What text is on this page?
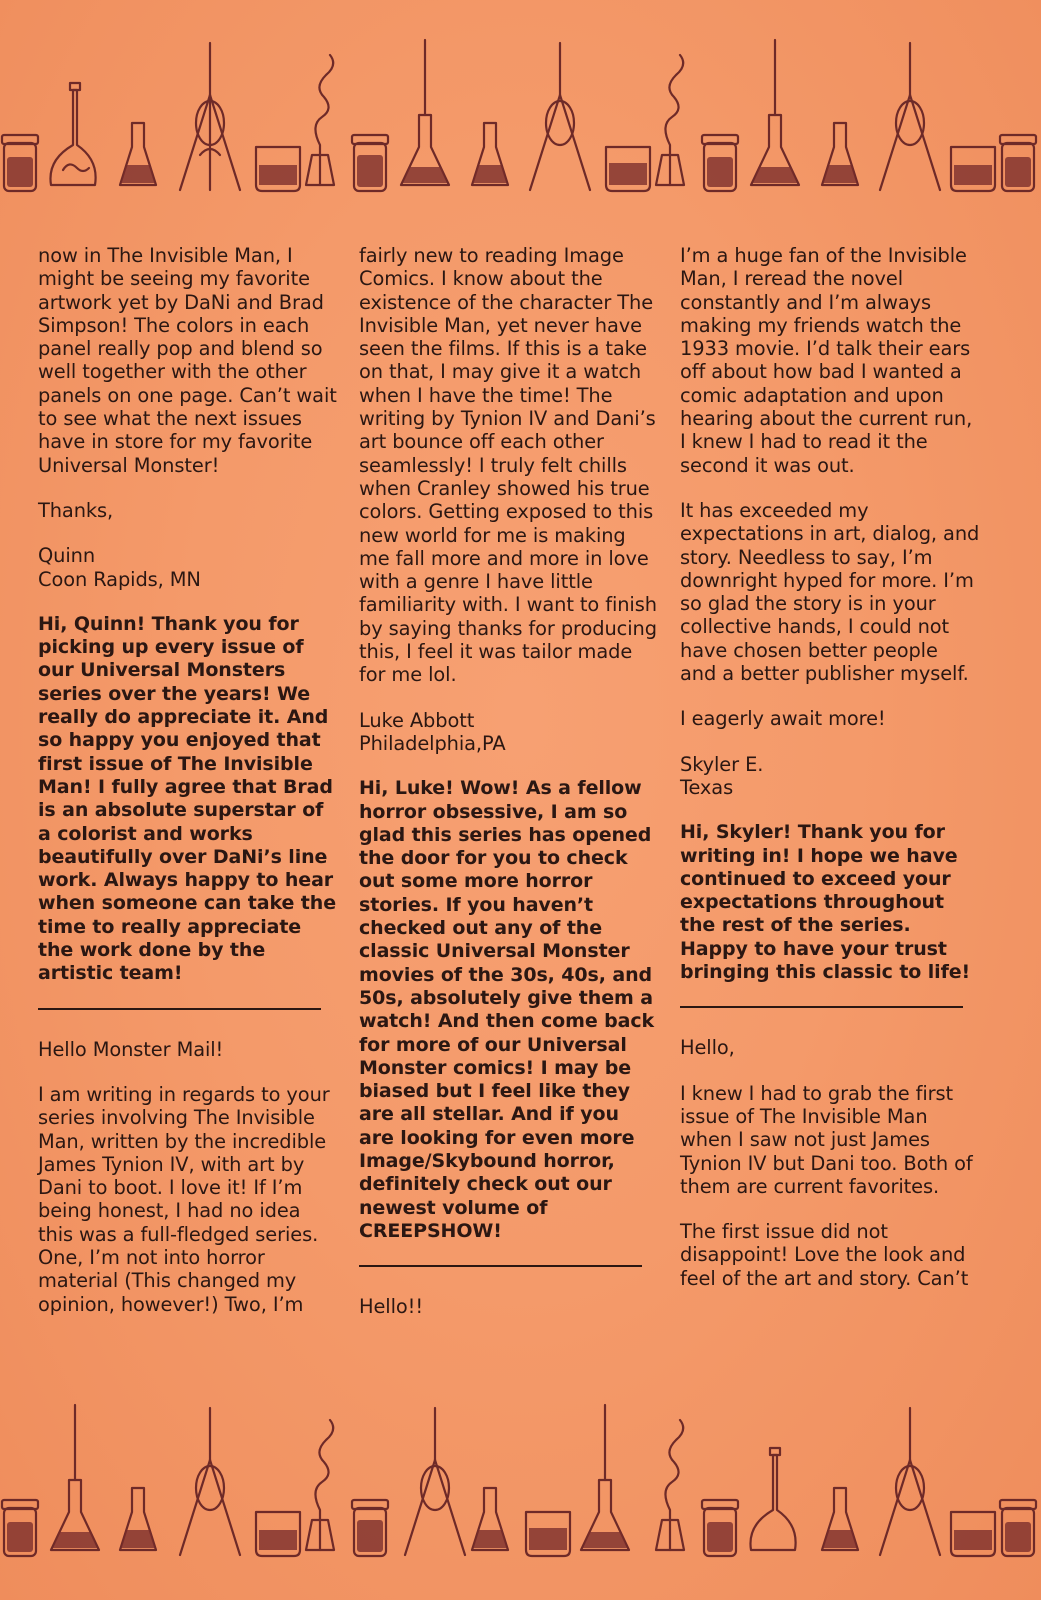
now in The Invisible Man, I might be seeing my favorite artwork yet by DaNi and Brad Simpson! The colors in each panel really pop and blend so well together with the other panels on one page. Can’t wait to see what the next issues have in store for my favorite Universal Monster!

Thanks,

Quinn
Coon Rapids, MN

Hi, Quinn! Thank you for picking up every issue of our Universal Monsters series over the years! We really do appreciate it. And so happy you enjoyed that first issue of The Invisible Man! I fully agree that Brad is an absolute superstar of a colorist and works beautifully over DaNi’s line work. Always happy to hear when someone can take the time to really appreciate the work done by the artistic team!

Hello Monster Mail!

I am writing in regards to your series involving The Invisible Man, written by the incredible James Tynion IV, with art by Dani to boot. I love it! If I’m being honest, I had no idea this was a full-fledged series. One, I’m not into horror material (This changed my opinion, however!) Two, I’m

fairly new to reading Image Comics. I know about the existence of the character The Invisible Man, yet never have seen the films. If this is a take on that, I may give it a watch when I have the time! The writing by Tynion IV and Dani’s art bounce off each other seamlessly! I truly felt chills when Cranley showed his true colors. Getting exposed to this new world for me is making me fall more and more in love with a genre I have little familiarity with. I want to finish by saying thanks for producing this, I feel it was tailor made for me lol.

Luke Abbott
Philadelphia,PA

Hi, Luke! Wow! As a fellow horror obsessive, I am so glad this series has opened the door for you to check out some more horror stories. If you haven’t checked out any of the classic Universal Monster movies of the 30s, 40s, and 50s, absolutely give them a watch! And then come back for more of our Universal Monster comics! I may be biased but I feel like they are all stellar. And if you are looking for even more Image/Skybound horror, definitely check out our newest volume of CREEPSHOW!

Hello!!

I’m a huge fan of the Invisible Man, I reread the novel constantly and I’m always making my friends watch the 1933 movie. I’d talk their ears off about how bad I wanted a comic adaptation and upon hearing about the current run, I knew I had to read it the second it was out.

It has exceeded my expectations in art, dialog, and story. Needless to say, I’m downright hyped for more. I’m so glad the story is in your collective hands, I could not have chosen better people and a better publisher myself.

I eagerly await more!

Skyler E.
Texas

Hi, Skyler! Thank you for writing in! I hope we have continued to exceed your expectations throughout the rest of the series. Happy to have your trust bringing this classic to life!

Hello,

I knew I had to grab the first issue of The Invisible Man when I saw not just James Tynion IV but Dani too. Both of them are current favorites.

The first issue did not disappoint! Love the look and feel of the art and story. Can’t
